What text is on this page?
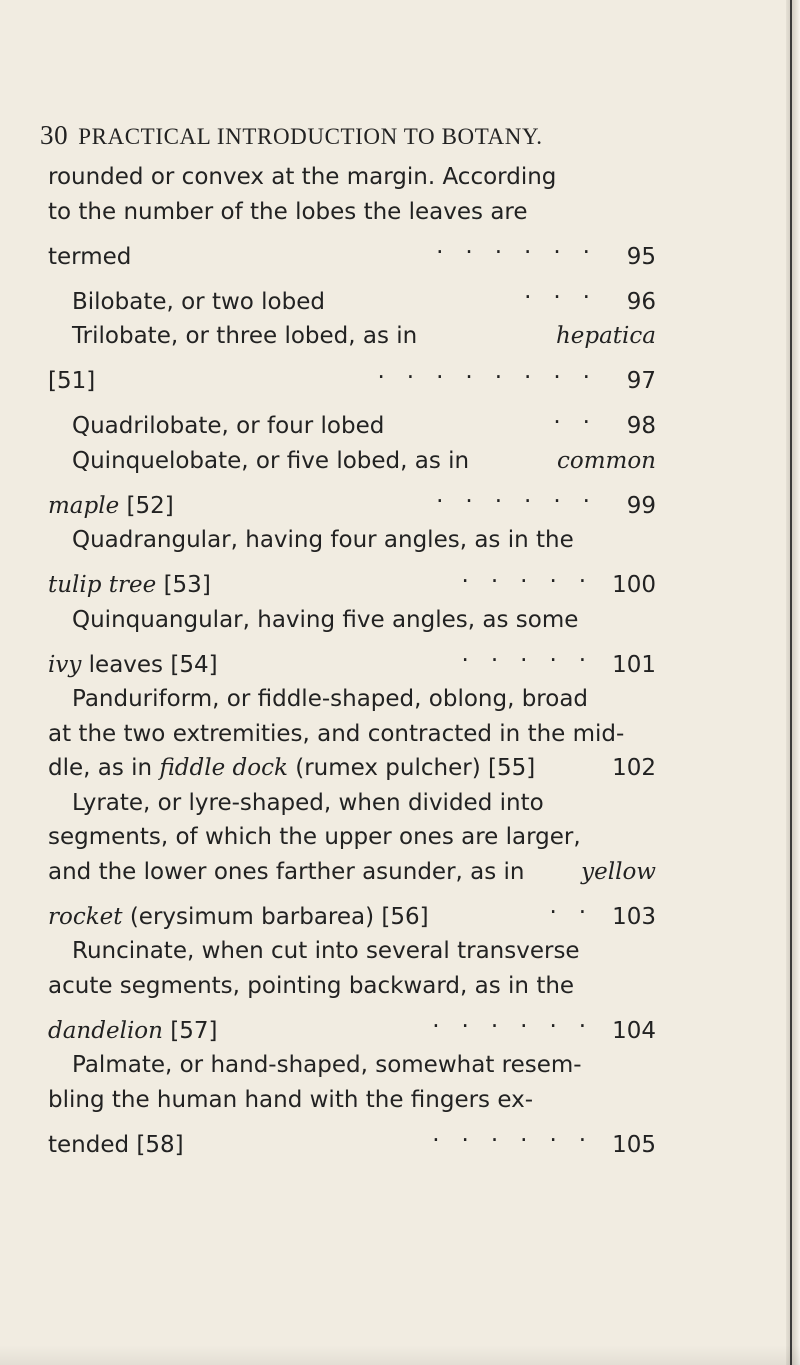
30 PRACTICAL INTRODUCTION TO BOTANY.
rounded or convex at the margin. According
to the number of the lobes the leaves are
termed	...... 95
Bilobate, or two lobed	... 96
Trilobate, or three lobed, as in	hepatica
[51]	........ 97
Quadrilobate, or four lobed	.. 98
Quinquelobate, or five lobed, as in	common
maple [52]	...... 99
Quadrangular, having four angles, as in the
tulip tree [53]	..... 100
Quinquangular, having five angles, as some
ivy leaves [54]	..... 101
Panduriform, or fiddle-shaped, oblong, broad
at the two extremities, and contracted in the mid-
dle, as in fiddle dock (rumex pulcher) [55]	102
Lyrate, or lyre-shaped, when divided into
segments, of which the upper ones are larger,
and the lower ones farther asunder, as in yellow
rocket (erysimum barbarea) [56]	.. 103
Runcinate, when cut into several transverse
acute segments, pointing backward, as in the
dandelion [57]	...... 104
Palmate, or hand-shaped, somewhat resem-
bling the human hand with the fingers ex-
tended [58]	...... 105
